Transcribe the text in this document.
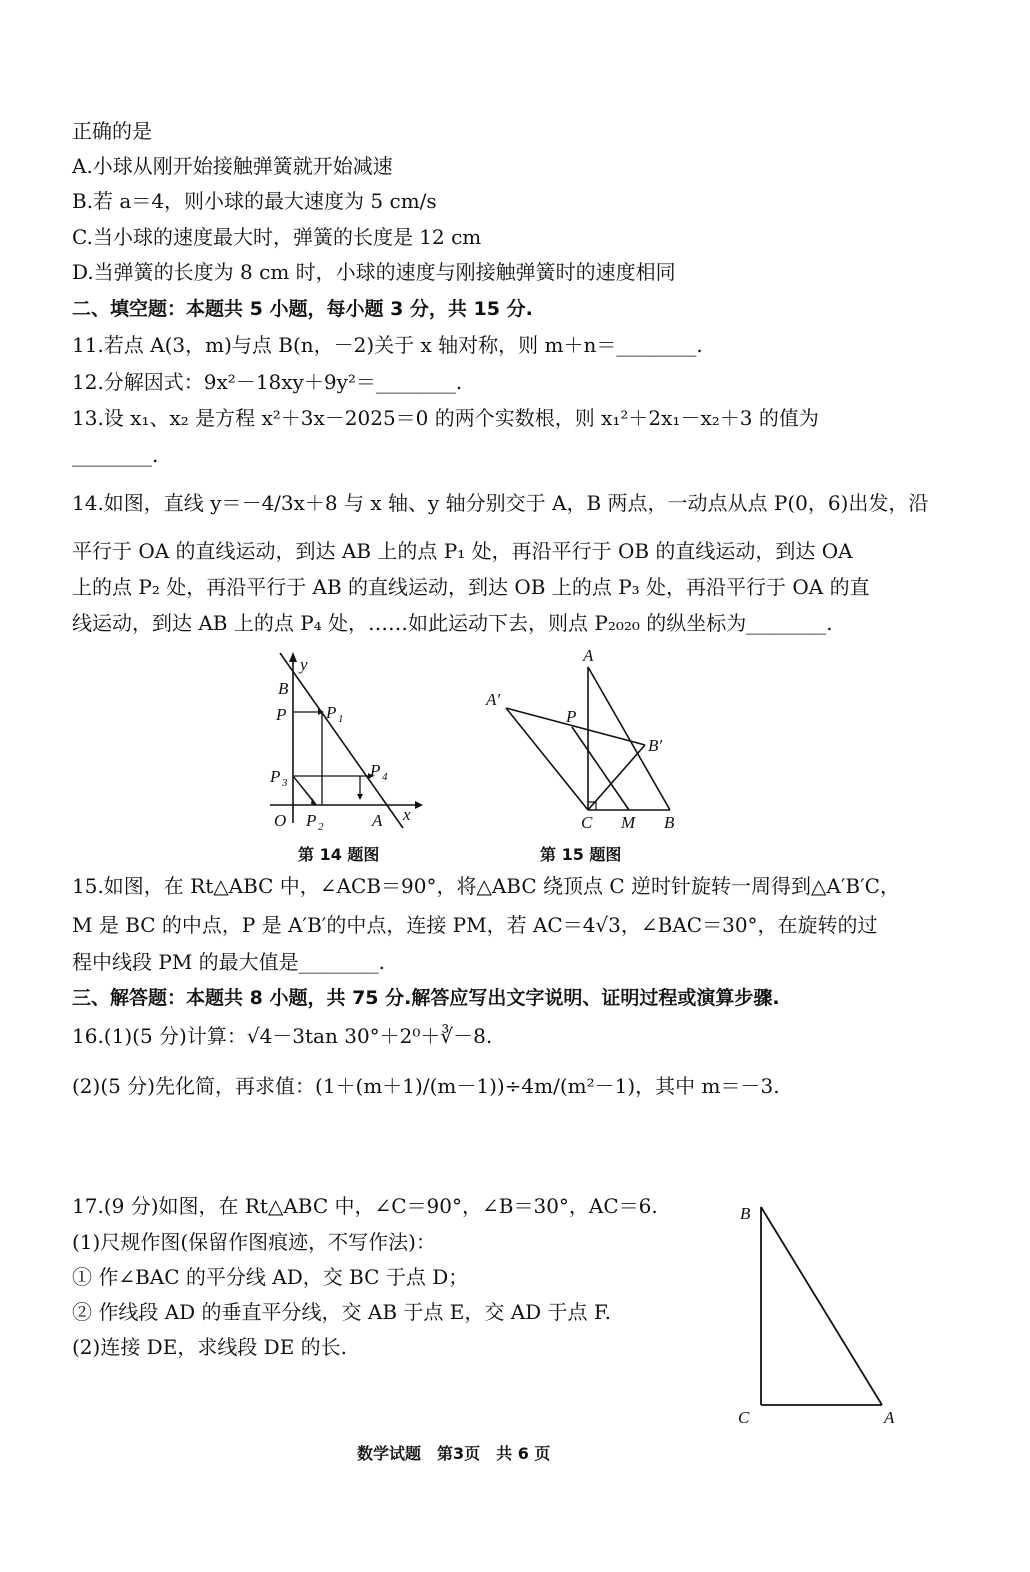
正确的是
A.小球从刚开始接触弹簧就开始减速
B.若 a＝4，则小球的最大速度为 5 cm/s
C.当小球的速度最大时，弹簧的长度是 12 cm
D.当弹簧的长度为 8 cm 时，小球的速度与刚接触弹簧时的速度相同
二、填空题：本题共 5 小题，每小题 3 分，共 15 分.
11.若点 A(3，m)与点 B(n，－2)关于 x 轴对称，则 m＋n＝________.
12.分解因式：9x²－18xy＋9y²＝________.
13.设 x₁、x₂ 是方程 x²＋3x－2025＝0 的两个实数根，则 x₁²＋2x₁－x₂＋3 的值为
________.
14.如图，直线 y＝－4/3x＋8 与 x 轴、y 轴分别交于 A，B 两点，一动点从点 P(0，6)出发，沿
平行于 OA 的直线运动，到达 AB 上的点 P₁ 处，再沿平行于 OB 的直线运动，到达 OA
上的点 P₂ 处，再沿平行于 AB 的直线运动，到达 OB 上的点 P₃ 处，再沿平行于 OA 的直
线运动，到达 AB 上的点 P₄ 处，……如此运动下去，则点 P₂₀₂₀ 的纵坐标为________.
y
B
P P 1
P 3
P 4
O P 2	A x
第 14 题图
A
A′
P
B′
C M B
第 15 题图
15.如图，在 Rt△ABC 中，∠ACB＝90°，将△ABC 绕顶点 C 逆时针旋转一周得到△A′B′C，
M 是 BC 的中点，P 是 A′B′的中点，连接 PM，若 AC＝4√3，∠BAC＝30°，在旋转的过
程中线段 PM 的最大值是________.
三、解答题：本题共 8 小题，共 75 分.解答应写出文字说明、证明过程或演算步骤.
16.(1)(5 分)计算：√4－3tan 30°＋2⁰＋∛－8.
(2)(5 分)先化简，再求值：(1＋(m＋1)/(m－1))÷4m/(m²－1)，其中 m＝－3.
17.(9 分)如图，在 Rt△ABC 中，∠C＝90°，∠B＝30°，AC＝6.
(1)尺规作图(保留作图痕迹，不写作法)：
① 作∠BAC 的平分线 AD，交 BC 于点 D；
② 作线段 AD 的垂直平分线，交 AB 于点 E，交 AD 于点 F.
(2)连接 DE，求线段 DE 的长.
B
C	A
数学试题　第3页　共 6 页
